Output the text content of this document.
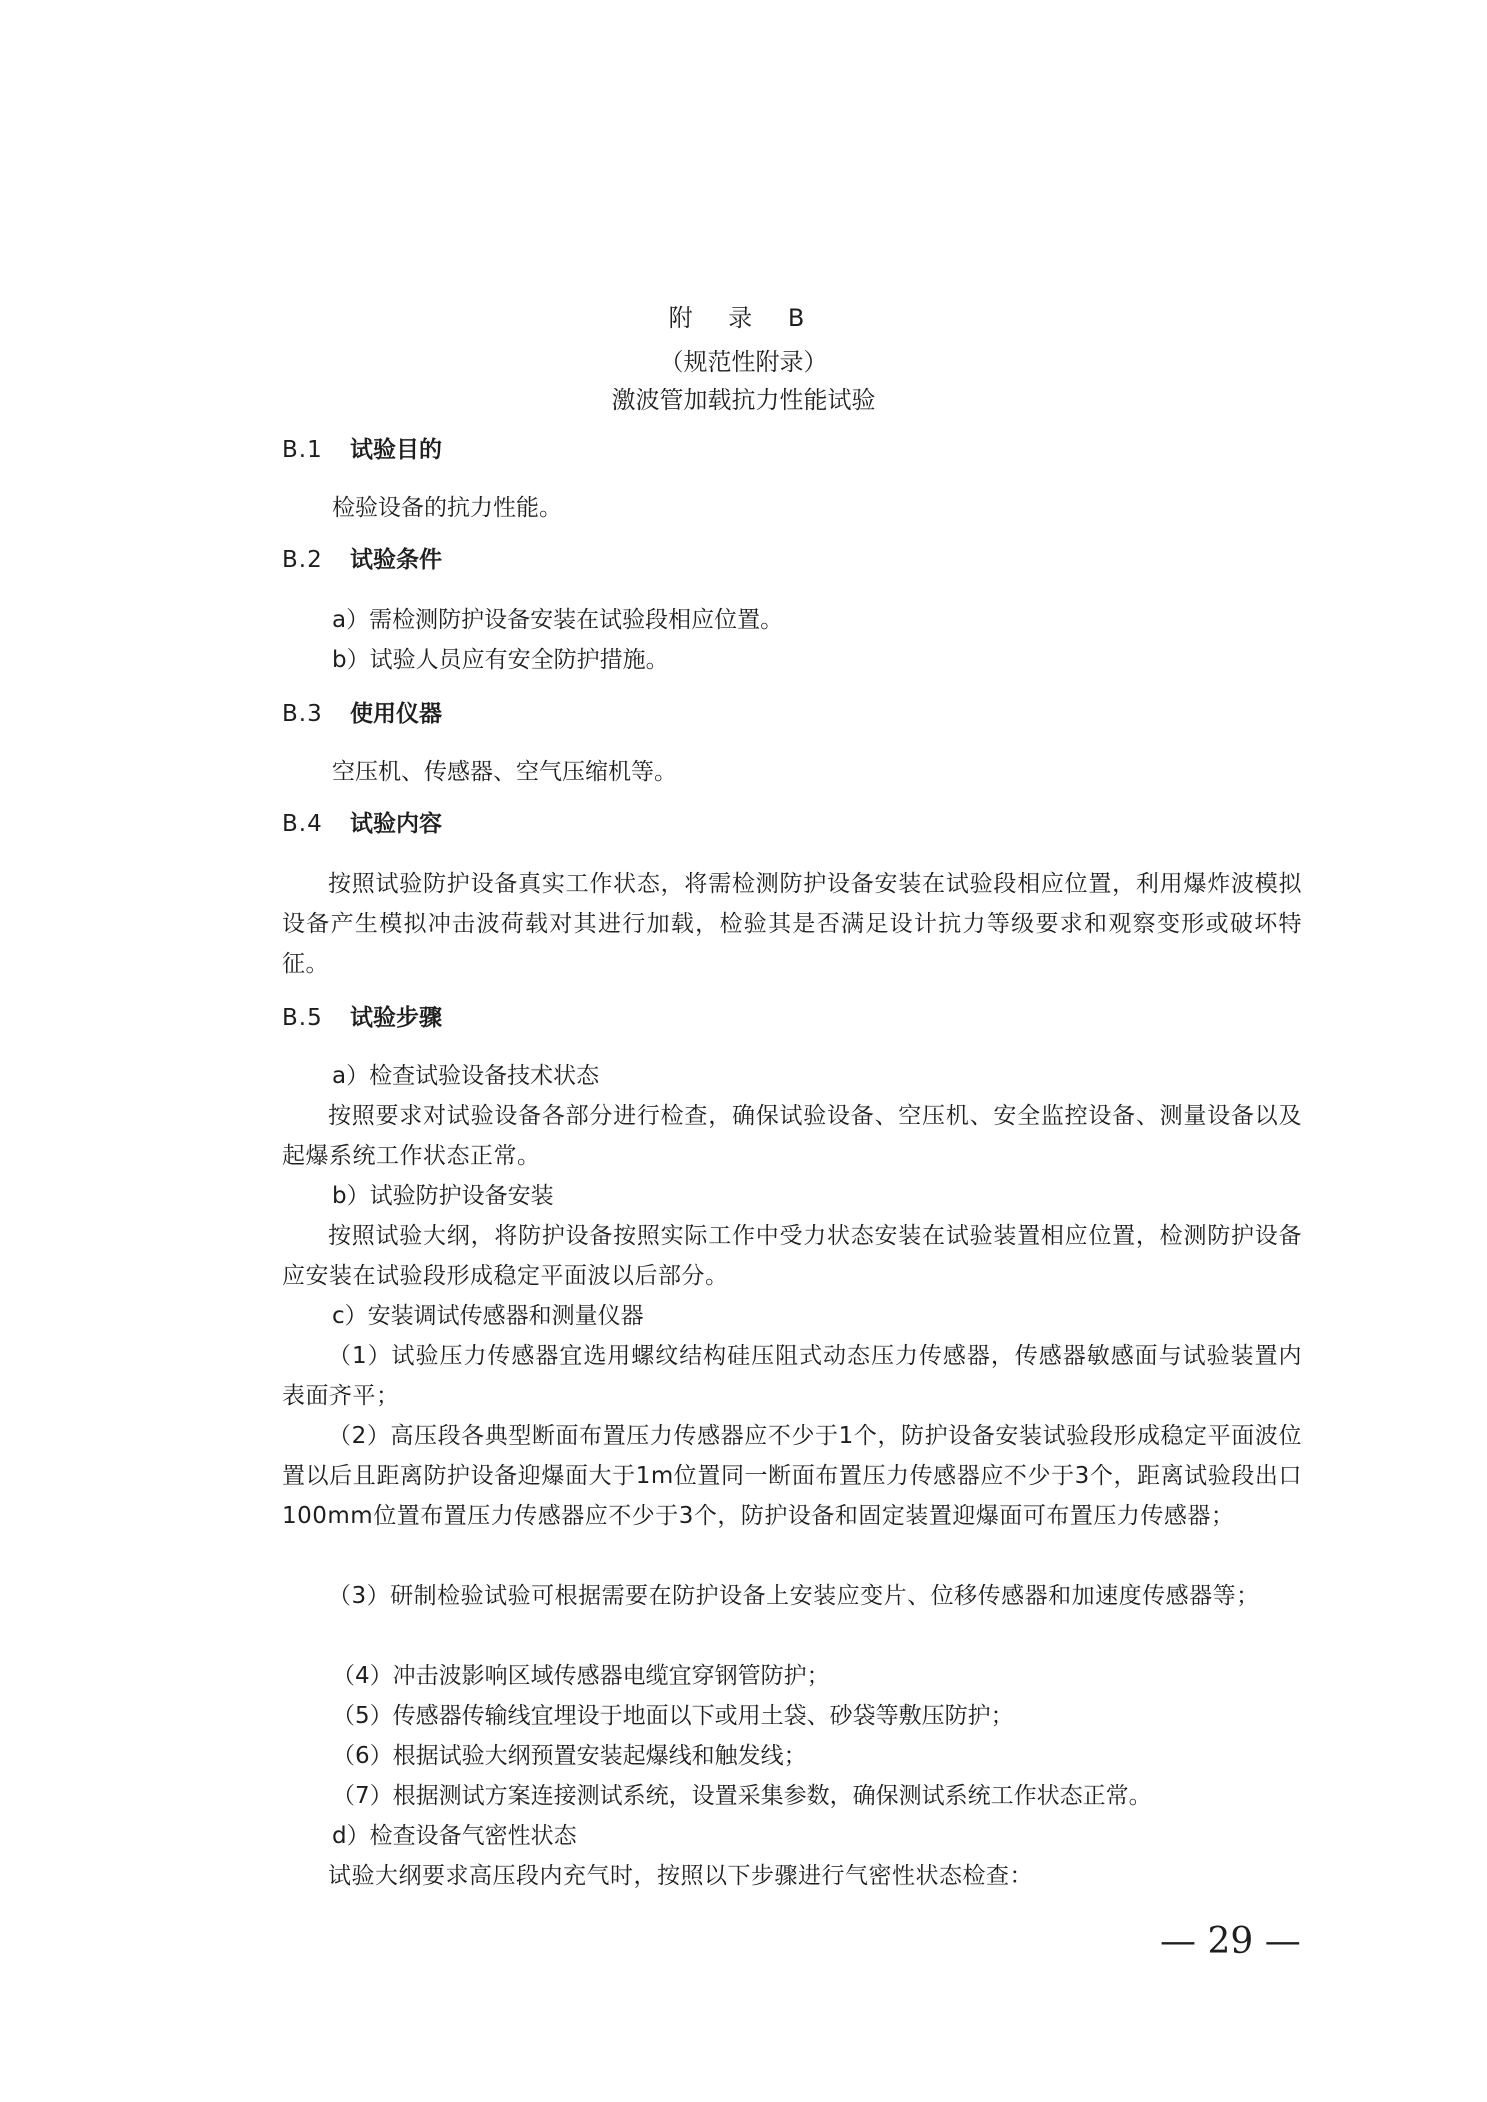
附 录 B
（规范性附录）
激波管加载抗力性能试验
B.1 试验目的
检验设备的抗力性能。
B.2 试验条件
a）需检测防护设备安装在试验段相应位置。
b）试验人员应有安全防护措施。
B.3 使用仪器
空压机、传感器、空气压缩机等。
B.4 试验内容
按照试验防护设备真实工作状态，将需检测防护设备安装在试验段相应位置，利用爆炸波模拟设备产生模拟冲击波荷载对其进行加载，检验其是否满足设计抗力等级要求和观察变形或破坏特征。
B.5 试验步骤
a）检查试验设备技术状态
按照要求对试验设备各部分进行检查，确保试验设备、空压机、安全监控设备、测量设备以及起爆系统工作状态正常。
b）试验防护设备安装
按照试验大纲，将防护设备按照实际工作中受力状态安装在试验装置相应位置，检测防护设备应安装在试验段形成稳定平面波以后部分。
c）安装调试传感器和测量仪器
（1）试验压力传感器宜选用螺纹结构硅压阻式动态压力传感器，传感器敏感面与试验装置内表面齐平；
（2）高压段各典型断面布置压力传感器应不少于1个，防护设备安装试验段形成稳定平面波位置以后且距离防护设备迎爆面大于1m位置同一断面布置压力传感器应不少于3个，距离试验段出口100mm位置布置压力传感器应不少于3个，防护设备和固定装置迎爆面可布置压力传感器；
（3）研制检验试验可根据需要在防护设备上安装应变片、位移传感器和加速度传感器等；
（4）冲击波影响区域传感器电缆宜穿钢管防护；
（5）传感器传输线宜埋设于地面以下或用土袋、砂袋等敷压防护；
（6）根据试验大纲预置安装起爆线和触发线；
（7）根据测试方案连接测试系统，设置采集参数，确保测试系统工作状态正常。
d）检查设备气密性状态
试验大纲要求高压段内充气时，按照以下步骤进行气密性状态检查：
— 29 —
